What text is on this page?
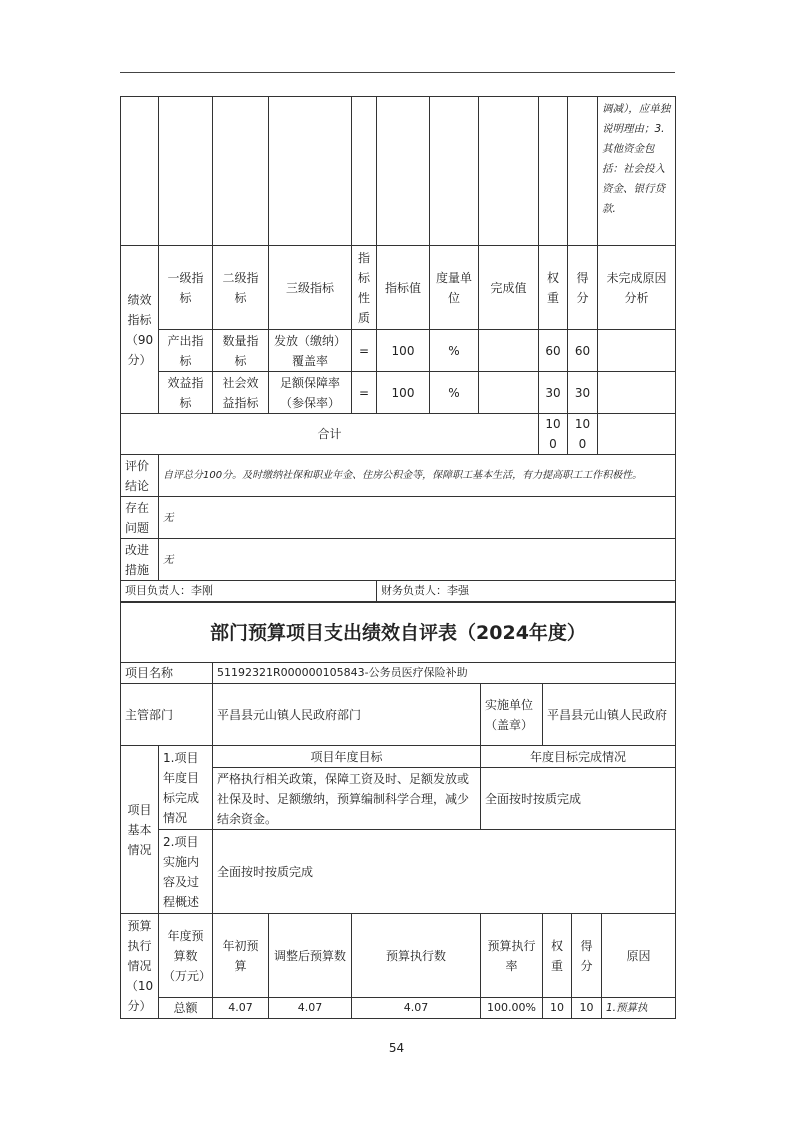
										调减），应单独说明理由；3.其他资金包括：社会投入资金、银行贷款.
绩效指标（90分）	一级指标	二级指标	三级指标	指标性质	指标值	度量单位	完成值	权重	得分	未完成原因分析
	产出指标	数量指标	发放（缴纳）覆盖率	=	100	%		60	60	
	效益指标	社会效益指标	足额保障率（参保率）	=	100	%		30	30	
合计								100	100	
评价结论	自评总分100分。及时缴纳社保和职业年金、住房公积金等，保障职工基本生活，有力提高职工工作积极性。									
存在问题	无									
改进措施	无									
项目负责人：李刚					财务负责人：李强					
部门预算项目支出绩效自评表（2024年度）								
项目名称		51192321R000000105843-公务员医疗保险补助						
主管部门		平昌县元山镇人民政府部门			实施单位（盖章）	平昌县元山镇人民政府		
项目基本情况	1.项目年度目标完成情况	项目年度目标			年度目标完成情况			
		严格执行相关政策，保障工资及时、足额发放或社保及时、足额缴纳，预算编制科学合理，减少结余资金。			全面按时按质完成			
	2.项目实施内容及过程概述	全面按时按质完成						
预算执行情况（10分）	年度预算数（万元）	年初预算	调整后预算数	预算执行数	预算执行率	权重	得分	原因
	总额	4.07	4.07	4.07	100.00%	10	10	1.预算执
54
